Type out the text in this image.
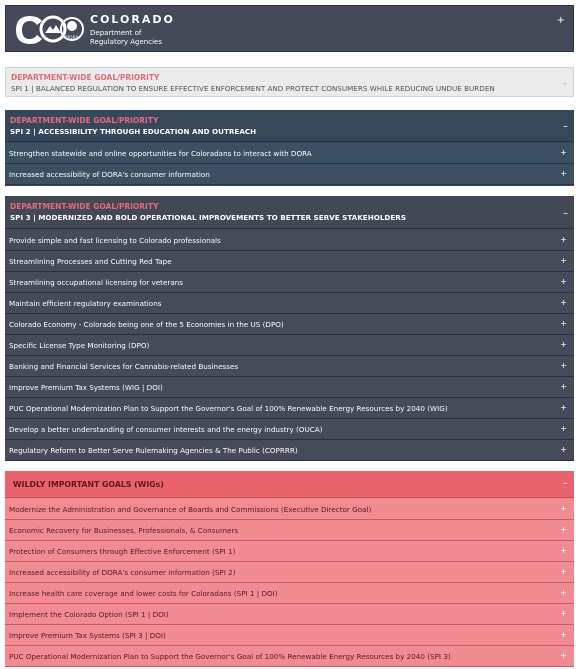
DORA
COLORADO
Department of
Regulatory Agencies
+
DEPARTMENT-WIDE GOAL/PRIORITY
SPI 1 | BALANCED REGULATION TO ENSURE EFFECTIVE ENFORCEMENT AND PROTECT CONSUMERS WHILE REDUCING UNDUE BURDEN	–
DEPARTMENT-WIDE GOAL/PRIORITY
SPI 2 | ACCESSIBILITY THROUGH EDUCATION AND OUTREACH	–
Strengthen statewide and online opportunities for Coloradans to interact with DORA	+
Increased accessibility of DORA's consumer information	+
DEPARTMENT-WIDE GOAL/PRIORITY
SPI 3 | MODERNIZED AND BOLD OPERATIONAL IMPROVEMENTS TO BETTER SERVE STAKEHOLDERS	–
Provide simple and fast licensing to Colorado professionals	+
Streamlining Processes and Cutting Red Tape	+
Streamlining occupational licensing for veterans	+
Maintain efficient regulatory examinations	+
Colorado Economy - Colorado being one of the 5 Economies in the US (DPO)	+
Specific License Type Monitoring (DPO)	+
Banking and Financial Services for Cannabis-related Businesses	+
Improve Premium Tax Systems (WIG | DOI)	+
PUC Operational Modernization Plan to Support the Governor's Goal of 100% Renewable Energy Resources by 2040 (WIG)	+
Develop a better understanding of consumer interests and the energy industry (OUCA)	+
Regulatory Reform to Better Serve Rulemaking Agencies & The Public (COPRRR)	+
WILDLY IMPORTANT GOALS (WIGs)	–
Modernize the Administration and Governance of Boards and Commissions (Executive Director Goal)	+
Economic Recovery for Businesses, Professionals, & Consumers	+
Protection of Consumers through Effective Enforcement (SPI 1)	+
Increased accessibility of DORA's consumer information (SPI 2)	+
Increase health care coverage and lower costs for Coloradans (SPI 1 | DOI)	+
Implement the Colorado Option (SPI 1 | DOI)	+
Improve Premium Tax Systems (SPI 3 | DOI)	+
PUC Operational Modernization Plan to Support the Governor's Goal of 100% Renewable Energy Resources by 2040 (SPI 3)	+
